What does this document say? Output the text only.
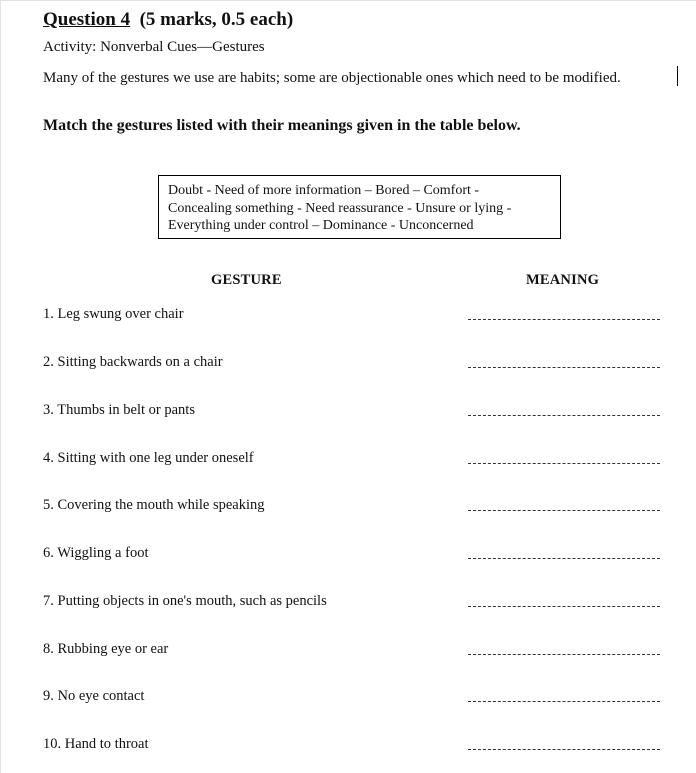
Question 4 (5 marks, 0.5 each)
Activity: Nonverbal Cues—Gestures
Many of the gestures we use are habits; some are objectionable ones which need to be modified.
Match the gestures listed with their meanings given in the table below.
Doubt - Need of more information – Bored – Comfort -
Concealing something - Need reassurance - Unsure or lying -
Everything under control – Dominance - Unconcerned
GESTURE	MEANING
1. Leg swung over chair
2. Sitting backwards on a chair
3. Thumbs in belt or pants
4. Sitting with one leg under oneself
5. Covering the mouth while speaking
6. Wiggling a foot
7. Putting objects in one's mouth, such as pencils
8. Rubbing eye or ear
9. No eye contact
10. Hand to throat
